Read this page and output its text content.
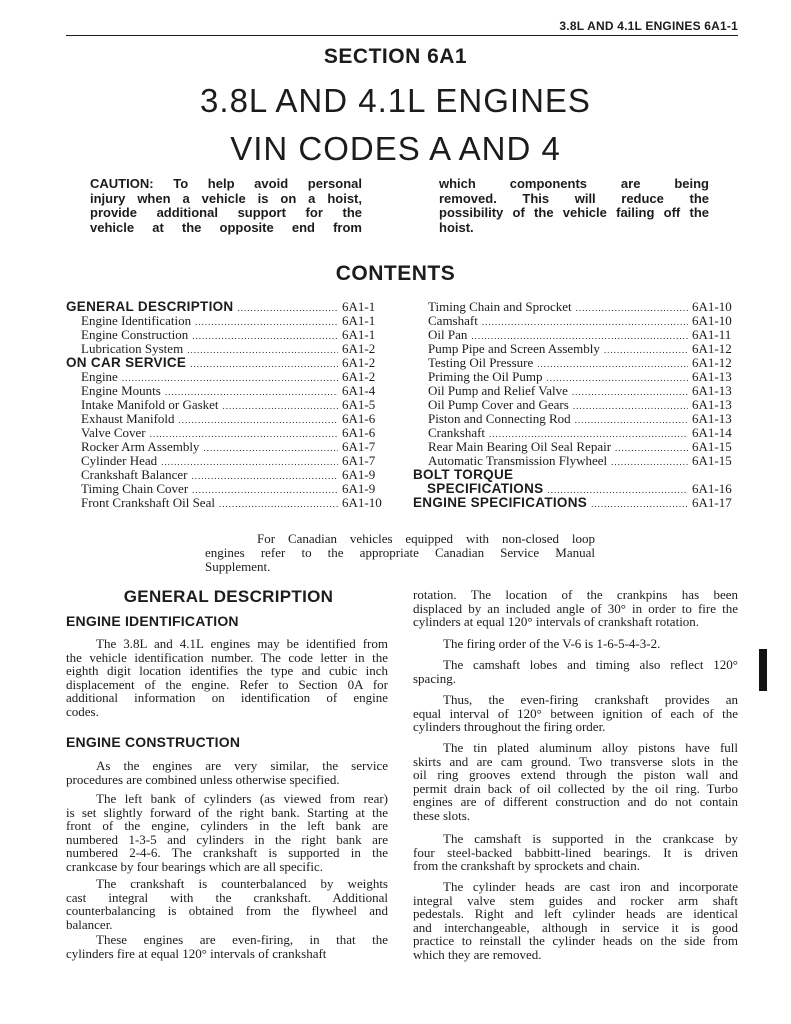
3.8L AND 4.1L ENGINES 6A1-1
SECTION 6A1
3.8L AND 4.1L ENGINES
VIN CODES A AND 4
CAUTION: To help avoid personal
injury when a vehicle is on a hoist,
provide additional support for the
vehicle at the opposite end from
which components are being
removed. This will reduce the
possibility of the vehicle failing off the
hoist.
CONTENTS
GENERAL DESCRIPTION .....	6A1-1
Engine Identification .....	6A1-1
Engine Construction .....	6A1-1
Lubrication System .....	6A1-2
ON CAR SERVICE .....	6A1-2
Engine .....	6A1-2
Engine Mounts .....	6A1-4
Intake Manifold or Gasket .....	6A1-5
Exhaust Manifold .....	6A1-6
Valve Cover .....	6A1-6
Rocker Arm Assembly .....	6A1-7
Cylinder Head .....	6A1-7
Crankshaft Balancer .....	6A1-9
Timing Chain Cover .....	6A1-9
Front Crankshaft Oil Seal .....	6A1-10
Timing Chain and Sprocket .....	6A1-10
Camshaft .....	6A1-10
Oil Pan .....	6A1-11
Pump Pipe and Screen Assembly .....	6A1-12
Testing Oil Pressure .....	6A1-12
Priming the Oil Pump .....	6A1-13
Oil Pump and Relief Valve .....	6A1-13
Oil Pump Cover and Gears .....	6A1-13
Piston and Connecting Rod .....	6A1-13
Crankshaft .....	6A1-14
Rear Main Bearing Oil Seal Repair .....	6A1-15
Automatic Transmission Flywheel .....	6A1-15
BOLT TORQUE
SPECIFICATIONS .....	6A1-16
ENGINE SPECIFICATIONS .....	6A1-17
For Canadian vehicles equipped with non-closed loop
engines refer to the appropriate Canadian Service Manual
Supplement.
GENERAL DESCRIPTION
ENGINE IDENTIFICATION
The 3.8L and 4.1L engines may be identified from
the vehicle identification number. The code letter in the
eighth digit location identifies the type and cubic inch
displacement of the engine. Refer to Section 0A for
additional information on identification of engine
codes.
ENGINE CONSTRUCTION
As the engines are very similar, the service
procedures are combined unless otherwise specified.
The left bank of cylinders (as viewed from rear)
is set slightly forward of the right bank. Starting at the
front of the engine, cylinders in the left bank are
numbered 1-3-5 and cylinders in the right bank are
numbered 2-4-6. The crankshaft is supported in the
crankcase by four bearings which are all specific.
The crankshaft is counterbalanced by weights
cast integral with the crankshaft. Additional
counterbalancing is obtained from the flywheel and
balancer.
These engines are even-firing, in that the
cylinders fire at equal 120° intervals of crankshaft
rotation. The location of the crankpins has been
displaced by an included angle of 30° in order to fire the
cylinders at equal 120° intervals of crankshaft rotation.
The firing order of the V-6 is 1-6-5-4-3-2.
The camshaft lobes and timing also reflect 120°
spacing.
Thus, the even-firing crankshaft provides an
equal interval of 120° between ignition of each of the
cylinders throughout the firing order.
The tin plated aluminum alloy pistons have full
skirts and are cam ground. Two transverse slots in the
oil ring grooves extend through the piston wall and
permit drain back of oil collected by the oil ring. Turbo
engines are of different construction and do not contain
these slots.
The camshaft is supported in the crankcase by
four steel-backed babbitt-lined bearings. It is driven
from the crankshaft by sprockets and chain.
The cylinder heads are cast iron and incorporate
integral valve stem guides and rocker arm shaft
pedestals. Right and left cylinder heads are identical
and interchangeable, although in service it is good
practice to reinstall the cylinder heads on the side from
which they are removed.
